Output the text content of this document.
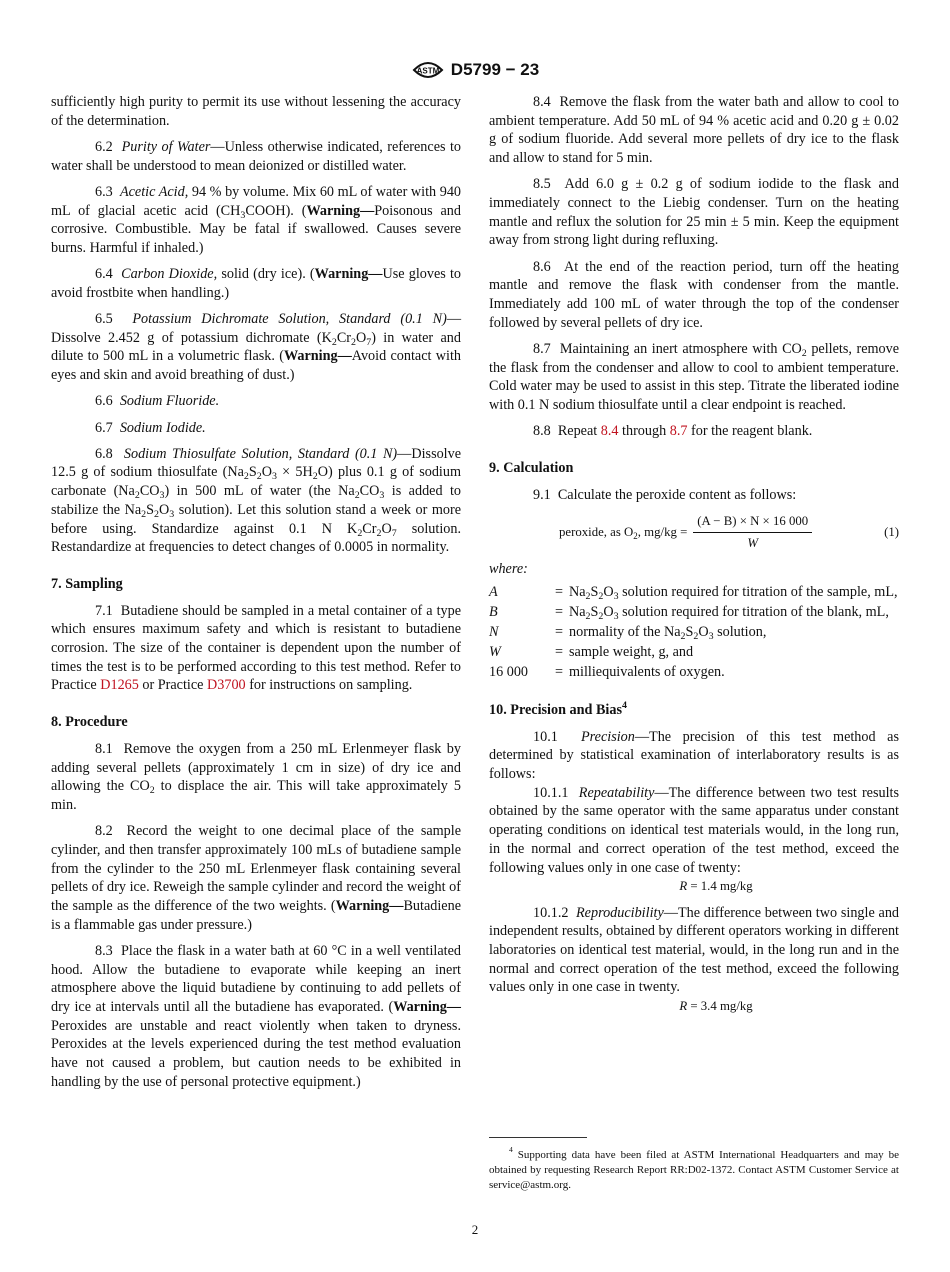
ASTM D5799 − 23

sufficiently high purity to permit its use without lessening the accuracy of the determination.

6.2 Purity of Water—Unless otherwise indicated, references to water shall be understood to mean deionized or distilled water.

6.3 Acetic Acid, 94 % by volume. Mix 60 mL of water with 940 mL of glacial acetic acid $(CH_3COOH)$. (Warning—Poisonous and corrosive. Combustible. May be fatal if swallowed. Causes severe burns. Harmful if inhaled.)

6.4 Carbon Dioxide, solid (dry ice). (Warning—Use gloves to avoid frostbite when handling.)

6.5 Potassium Dichromate Solution, Standard (0.1 N)—Dissolve 2.452 g of potassium dichromate $(K_2Cr_2O_7)$ in water and dilute to 500 mL in a volumetric flask. (Warning—Avoid contact with eyes and skin and avoid breathing of dust.)

6.6 Sodium Fluoride.

6.7 Sodium Iodide.

6.8 Sodium Thiosulfate Solution, Standard (0.1 N)—Dissolve 12.5 g of sodium thiosulfate $(Na_2S_2O_3 \times 5H_2O)$ plus 0.1 g of sodium carbonate $(Na_2CO_3)$ in 500 mL of water (the $Na_2CO_3$ is added to stabilize the $Na_2S_2O_3$ solution). Let this solution stand a week or more before using. Standardize against 0.1 N $K_2Cr_2O_7$ solution. Restandardize at frequencies to detect changes of 0.0005 in normality.

7. Sampling

7.1 Butadiene should be sampled in a metal container of a type which ensures maximum safety and which is resistant to butadiene corrosion. The size of the container is dependent upon the number of times the test is to be performed according to this test method. Refer to Practice D1265 or Practice D3700 for instructions on sampling.

8. Procedure

8.1 Remove the oxygen from a 250 mL Erlenmeyer flask by adding several pellets (approximately 1 cm in size) of dry ice and allowing the $CO_2$ to displace the air. This will take approximately 5 min.

8.2 Record the weight to one decimal place of the sample cylinder, and then transfer approximately 100 mLs of butadiene sample from the cylinder to the 250 mL Erlenmeyer flask containing several pellets of dry ice. Reweigh the sample cylinder and record the weight of the sample as the difference of the two weights. (Warning—Butadiene is a flammable gas under pressure.)

8.3 Place the flask in a water bath at 60 °C in a well ventilated hood. Allow the butadiene to evaporate while keeping an inert atmosphere above the liquid butadiene by continuing to add pellets of dry ice at intervals until all the butadiene has evaporated. (Warning—Peroxides are unstable and react violently when taken to dryness. Peroxides at the levels experienced during the test method evaluation have not caused a problem, but caution needs to be exhibited in handling by the use of personal protective equipment.)

8.4 Remove the flask from the water bath and allow to cool to ambient temperature. Add 50 mL of 94 % acetic acid and 0.20 g ± 0.02 g of sodium fluoride. Add several more pellets of dry ice to the flask and allow to stand for 5 min.

8.5 Add 6.0 g ± 0.2 g of sodium iodide to the flask and immediately connect to the Liebig condenser. Turn on the heating mantle and reflux the solution for 25 min ± 5 min. Keep the equipment away from strong light during refluxing.

8.6 At the end of the reaction period, turn off the heating mantle and remove the flask with condenser from the mantle. Immediately add 100 mL of water through the top of the condenser followed by several pellets of dry ice.

8.7 Maintaining an inert atmosphere with $CO_2$ pellets, remove the flask from the condenser and allow to cool to ambient temperature. Cold water may be used to assist in this step. Titrate the liberated iodine with 0.1 N sodium thiosulfate until a clear endpoint is reached.

8.8 Repeat 8.4 through 8.7 for the reagent blank.

9. Calculation

9.1 Calculate the peroxide content as follows:

peroxide, as $O_2$, $mg/kg = \frac{(A - B) \times N \times 16 000}{W}$	(1)
where:
A	=	$Na_2S_2O_3$ solution required for titration of the sample, mL,
B	=	$Na_2S_2O_3$ solution required for titration of the blank, mL,
N	=	normality of the $Na_2S_2O_3$ solution,
W	=	sample weight, g, and
16 000	=	milliequivalents of oxygen.
10. Precision and Bias$^4$

10.1 Precision—The precision of this test method as determined by statistical examination of interlaboratory results is as follows:

10.1.1 Repeatability—The difference between two test results obtained by the same operator with the same apparatus under constant operating conditions on identical test materials would, in the long run, in the normal and correct operation of the test method, exceed the following values only in one case of twenty:

R = 1.4 mg/kg

10.1.2 Reproducibility—The difference between two single and independent results, obtained by different operators working in different laboratories on identical test material, would, in the long run and in the normal and correct operation of the test method, exceed the following values only in one case in twenty.

R = 3.4 mg/kg

$^4$ Supporting data have been filed at ASTM International Headquarters and may be obtained by requesting Research Report RR:D02-1372. Contact ASTM Customer Service at service@astm.org.
2
